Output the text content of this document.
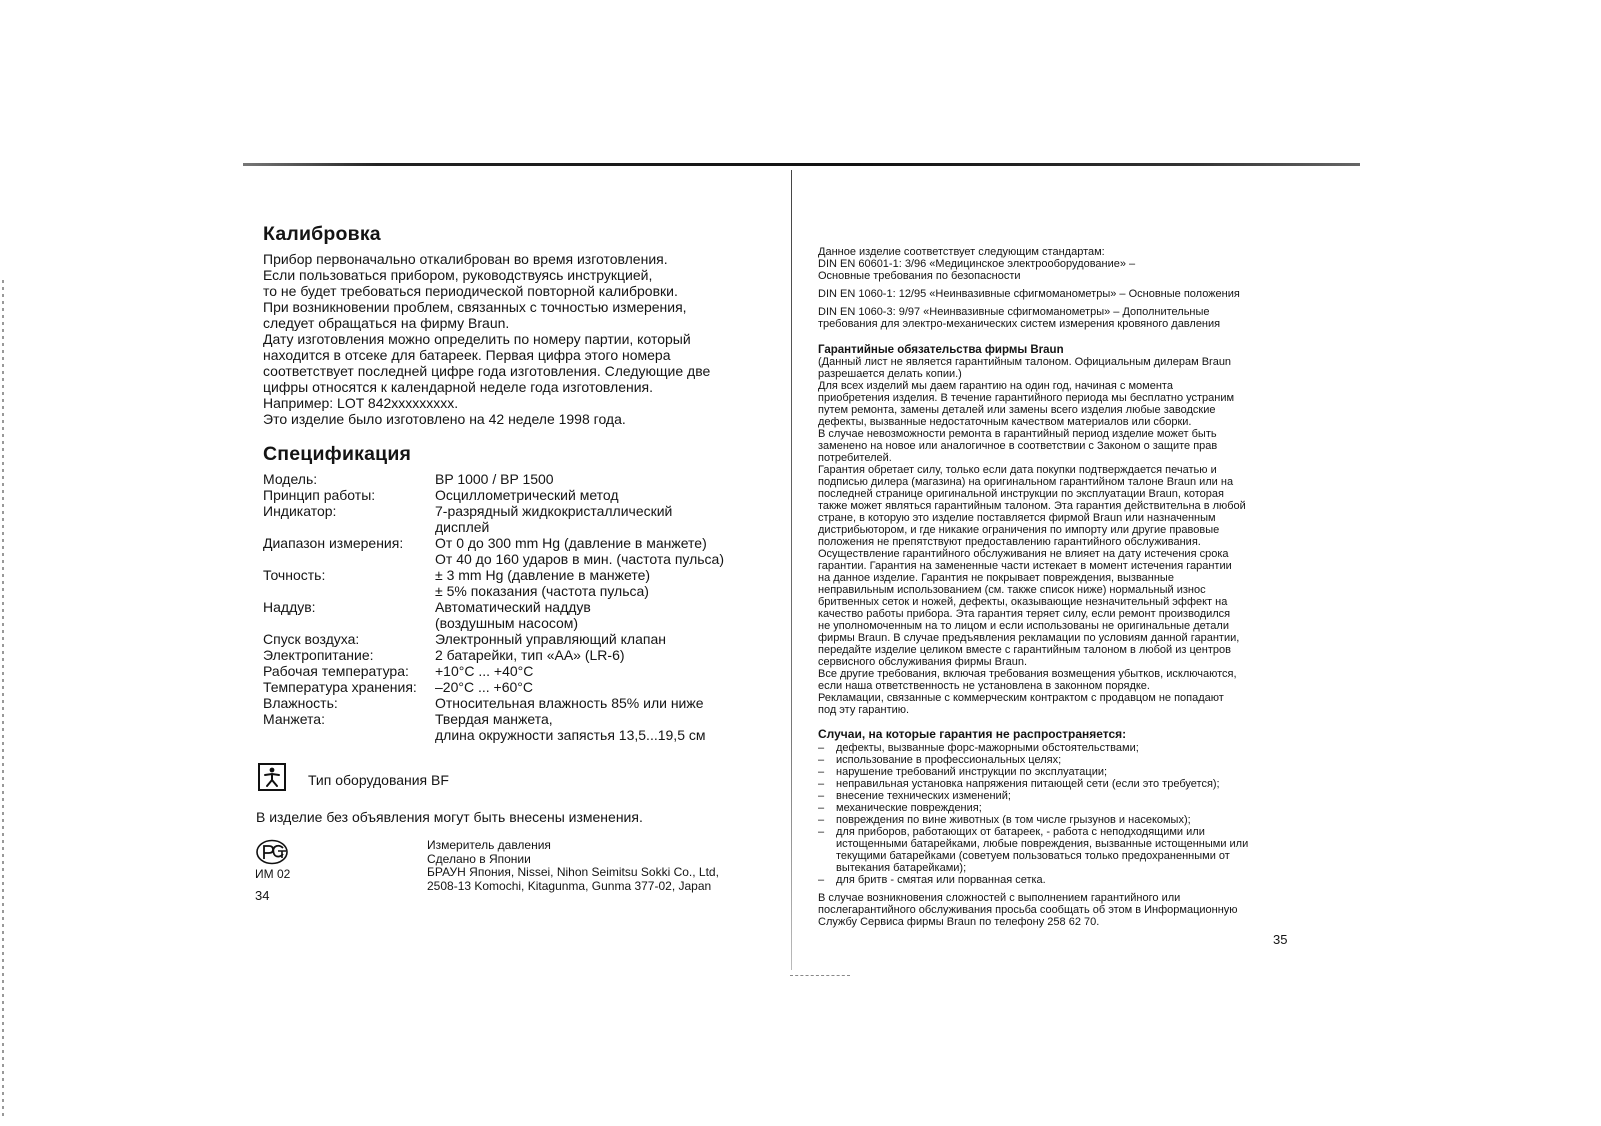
Калибровка

Прибор первоначально откалиброван во время изготовления.

Если пользоваться прибором, руководствуясь инструкцией,

то не будет требоваться периодической повторной калибровки.

При возникновении проблем, связанных с точностью измерения,

следует обращаться на фирму Braun.

Дату изготовления можно определить по номеру партии, который

находится в отсеке для батареек. Первая цифра этого номера

соответствует последней цифре года изготовления. Следующие две

цифры относятся к календарной неделе года изготовления.

Например: LOT 842xxxxxxxxx.

Это изделие было изготовлено на 42 неделе 1998 года.

Спецификация
Модель:	BP 1000 / BP 1500
Принцип работы:	Осциллометрический метод
Индикатор:	7-разрядный жидкокристаллический
дисплей
Диапазон измерения:	От 0 до 300 mm Hg (давление в манжете)
От 40 до 160 ударов в мин. (частота пульса)
Точность:	± 3 mm Hg (давление в манжете)
± 5% показания (частота пульса)
Наддув:	Автоматический наддув
(воздушным насосом)
Спуск воздуха:	Электронный управляющий клапан
Электропитание:	2 батарейки, тип «АА» (LR-6)
Рабочая температура:	+10°C ... +40°C
Температура хранения:	–20°C ... +60°C
Влажность:	Относительная влажность 85% или ниже
Манжета:	Твердая манжета,
длина окружности запястья 13,5...19,5 см
Тип оборудования BF
В изделие без объявления могут быть внесены изменения.
ИМ 02
34

Измеритель давления

Сделано в Японии

БРАУН Япония, Nissei, Nihon Seimitsu Sokki Co., Ltd,

2508-13 Komochi, Kitagunma, Gunma 377-02, Japan

Данное изделие соответствует следующим стандартам:

DIN EN 60601-1: 3/96 «Медицинское электрооборудование» –

Основные требования по безопасности

DIN EN 1060-1: 12/95 «Неинвазивные сфигмоманометры» – Основные положения

DIN EN 1060-3: 9/97 «Неинвазивные сфигмоманометры» – Дополнительные

требования для электро-механических систем измерения кровяного давления

Гарантийные обязательства фирмы Braun

(Данный лист не является гарантийным талоном. Официальным дилерам Braun

разрешается делать копии.)

Для всех изделий мы даем гарантию на один год, начиная с момента

приобретения изделия. В течение гарантийного периода мы бесплатно устраним

путем ремонта, замены деталей или замены всего изделия любые заводские

дефекты, вызванные недостаточным качеством материалов или сборки.

В случае невозможности ремонта в гарантийный период изделие может быть

заменено на новое или аналогичное в соответствии с Законом о защите прав

потребителей.

Гарантия обретает силу, только если дата покупки подтверждается печатью и

подписью дилера (магазина) на оригинальном гарантийном талоне Braun или на

последней странице оригинальной инструкции по эксплуатации Braun, которая

также может являться гарантийным талоном. Эта гарантия действительна в любой

стране, в которую это изделие поставляется фирмой Braun или назначенным

дистрибьютором, и где никакие ограничения по импорту или другие правовые

положения не препятствуют предоставлению гарантийного обслуживания.

Осуществление гарантийного обслуживания не влияет на дату истечения срока

гарантии. Гарантия на замененные части истекает в момент истечения гарантии

на данное изделие. Гарантия не покрывает повреждения, вызванные

неправильным использованием (см. также список ниже) нормальный износ

бритвенных сеток и ножей, дефекты, оказывающие незначительный эффект на

качество работы прибора. Эта гарантия теряет силу, если ремонт производился

не уполномоченным на то лицом и если использованы не оригинальные детали

фирмы Braun. В случае предъявления рекламации по условиям данной гарантии,

передайте изделие целиком вместе с гарантийным талоном в любой из центров

сервисного обслуживания фирмы Braun.

Все другие требования, включая требования возмещения убытков, исключаются,

если наша ответственность не установлена в законном порядке.

Рекламации, связанные с коммерческим контрактом с продавцом не попадают

под эту гарантию.

Случаи, на которые гарантия не распространяется:
– дефекты, вызванные форс-мажорными обстоятельствами;
– использование в профессиональных целях;
– нарушение требований инструкции по эксплуатации;
– неправильная установка напряжения питающей сети (если это требуется);
– внесение технических изменений;
– механические повреждения;
– повреждения по вине животных (в том числе грызунов и насекомых);
– для приборов, работающих от батареек, - работа с неподходящими или
истощенными батарейками, любые повреждения, вызванные истощенными или
текущими батарейками (советуем пользоваться только предохраненными от
вытекания батарейками);
– для бритв - смятая или порванная сетка.

В случае возникновения сложностей с выполнением гарантийного или

послегарантийного обслуживания просьба сообщать об этом в Информационную

Службу Сервиса фирмы Braun по телефону 258 62 70.

35
